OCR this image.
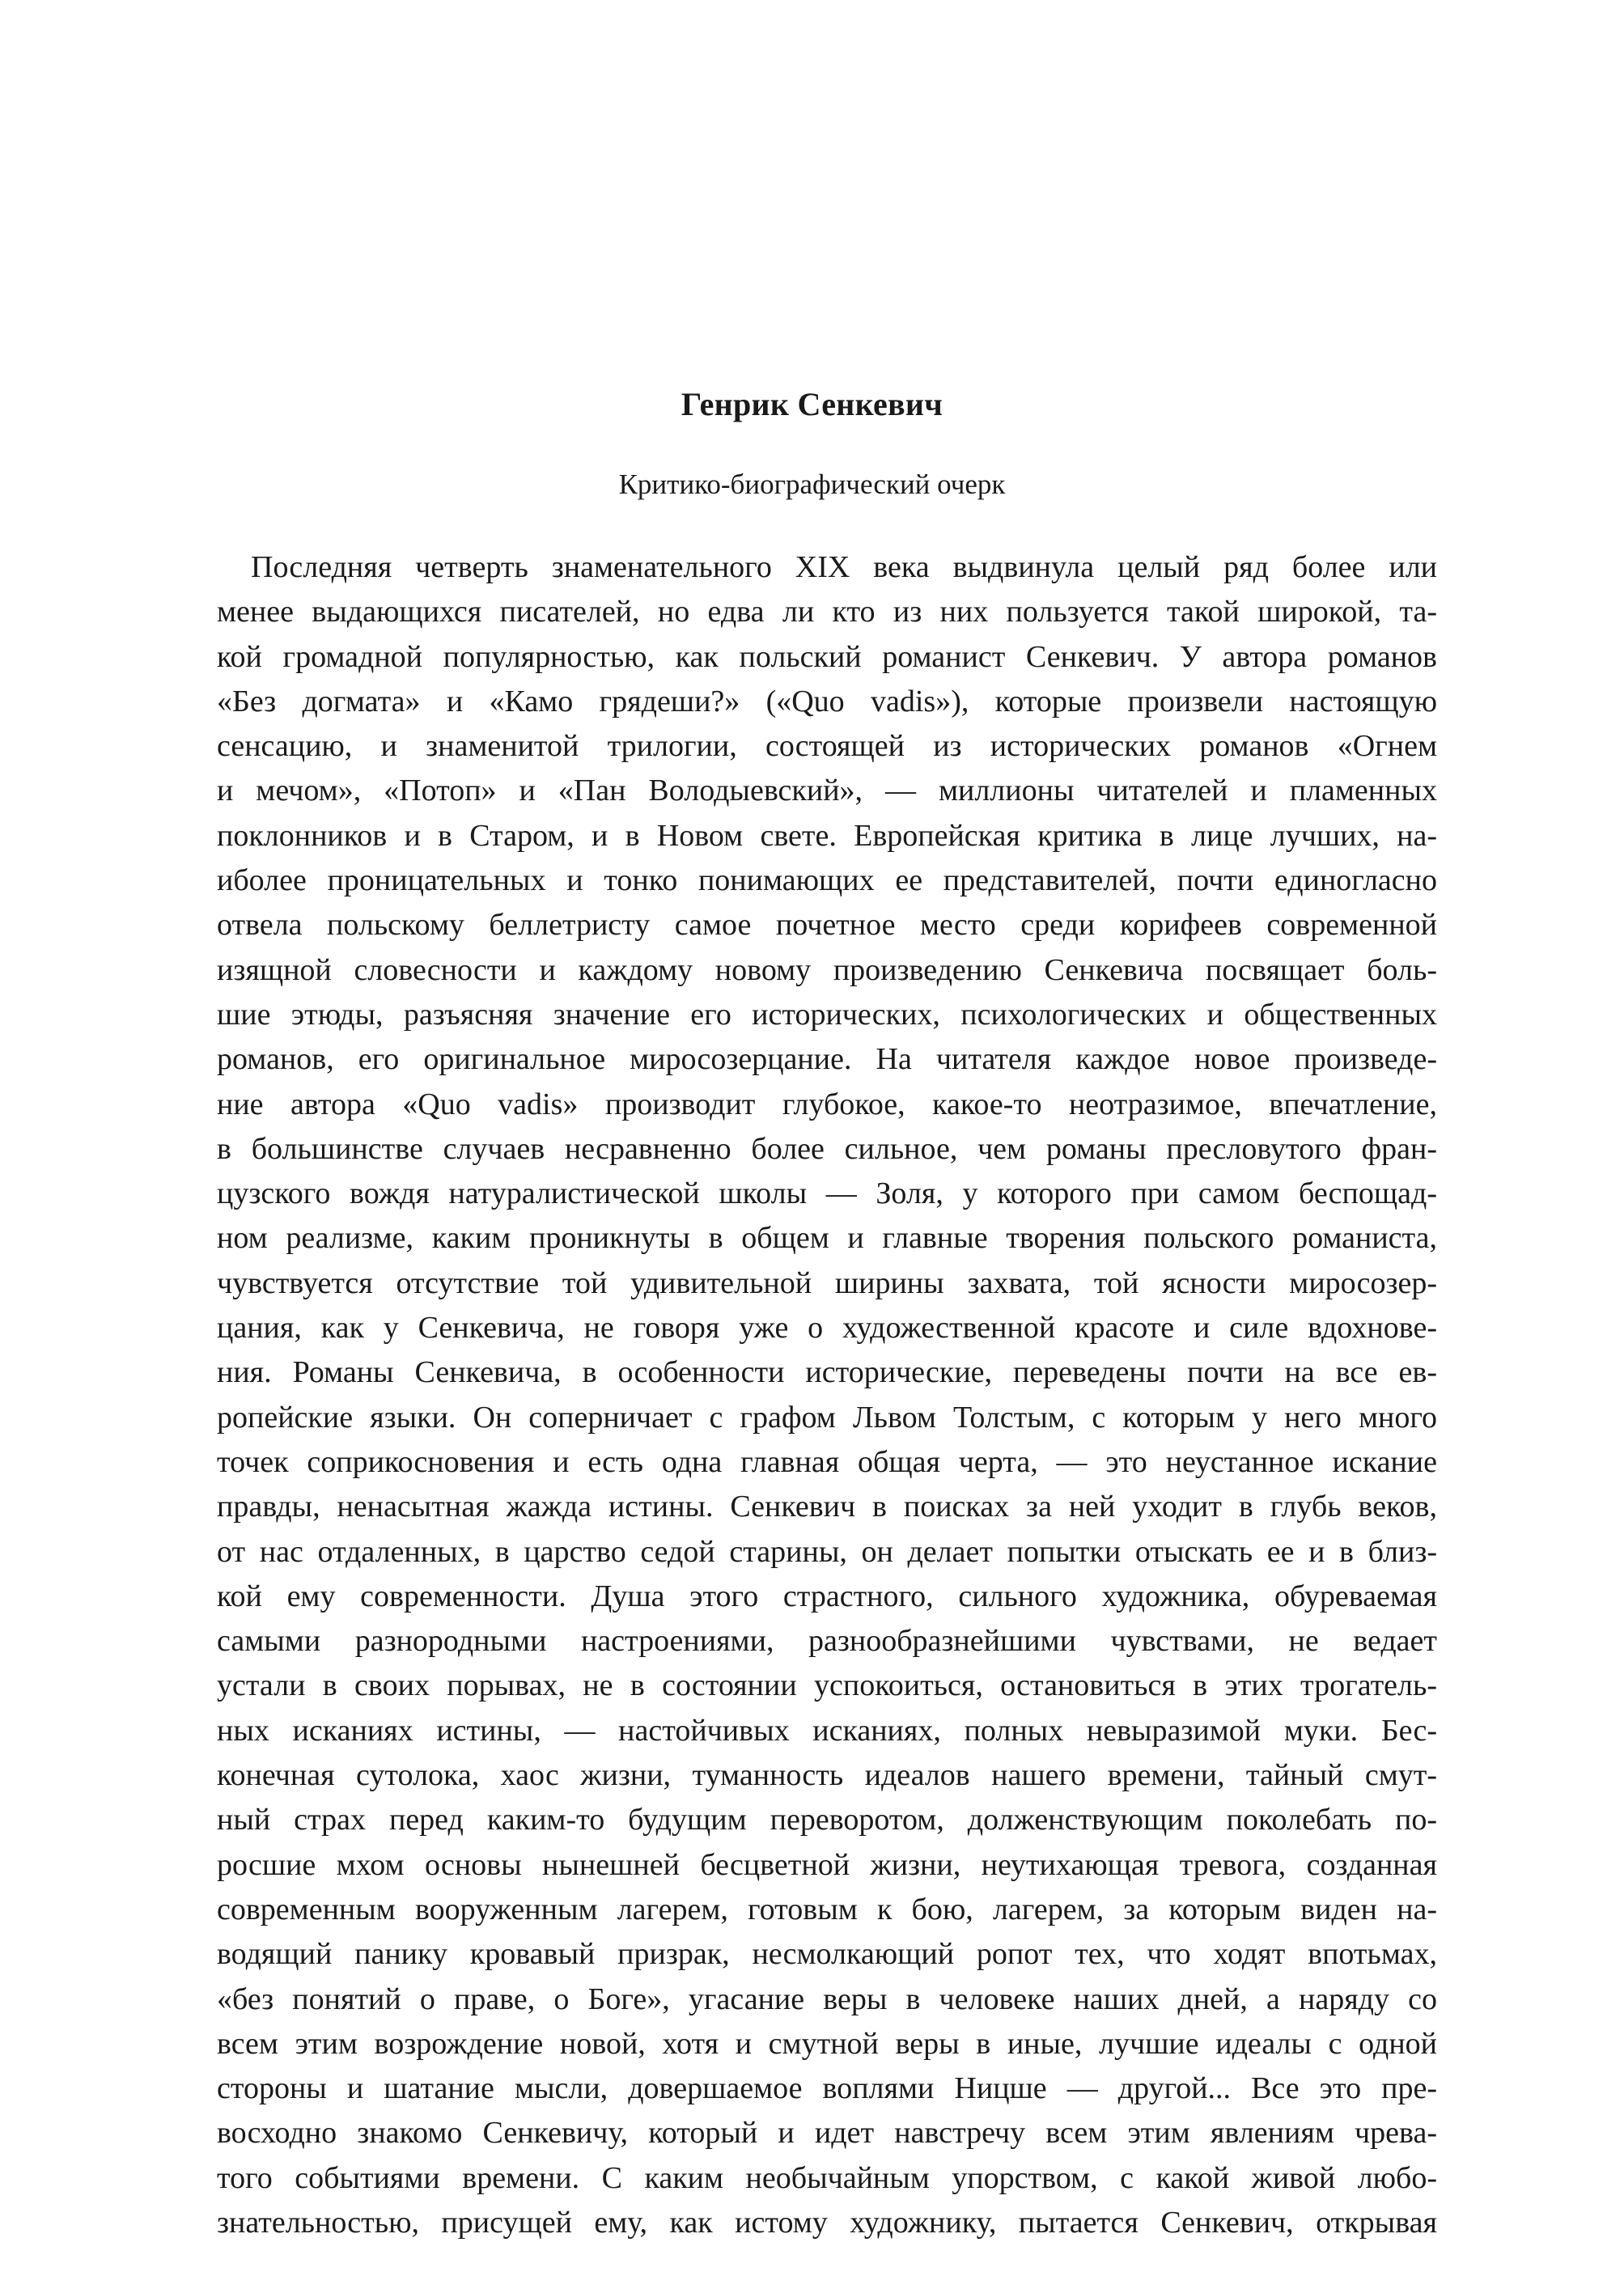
Генрик Сенкевич
Критико-биографический очерк
Последняя четверть знаменательного XIX века выдвинула целый ряд более или
менее выдающихся писателей, но едва ли кто из них пользуется такой широкой, та-
кой громадной популярностью, как польский романист Сенкевич. У автора романов
«Без догмата» и «Камо грядеши?» («Quo vadis»), которые произвели настоящую
сенсацию, и знаменитой трилогии, состоящей из исторических романов «Огнем
и мечом», «Потоп» и «Пан Володыевский», — миллионы читателей и пламенных
поклонников и в Старом, и в Новом свете. Европейская критика в лице лучших, на-
иболее проницательных и тонко понимающих ее представителей, почти единогласно
отвела польскому беллетристу самое почетное место среди корифеев современной
изящной словесности и каждому новому произведению Сенкевича посвящает боль-
шие этюды, разъясняя значение его исторических, психологических и общественных
романов, его оригинальное миросозерцание. На читателя каждое новое произведе-
ние автора «Quo vadis» производит глубокое, какое-то неотразимое, впечатление,
в большинстве случаев несравненно более сильное, чем романы пресловутого фран-
цузского вождя натуралистической школы — Золя, у которого при самом беспощад-
ном реализме, каким проникнуты в общем и главные творения польского романиста,
чувствуется отсутствие той удивительной ширины захвата, той ясности миросозер-
цания, как у Сенкевича, не говоря уже о художественной красоте и силе вдохнове-
ния. Романы Сенкевича, в особенности исторические, переведены почти на все ев-
ропейские языки. Он соперничает с графом Львом Толстым, с которым у него много
точек соприкосновения и есть одна главная общая черта, — это неустанное искание
правды, ненасытная жажда истины. Сенкевич в поисках за ней уходит в глубь веков,
от нас отдаленных, в царство седой старины, он делает попытки отыскать ее и в близ-
кой ему современности. Душа этого страстного, сильного художника, обуреваемая
самыми разнородными настроениями, разнообразнейшими чувствами, не ведает
устали в своих порывах, не в состоянии успокоиться, остановиться в этих трогатель-
ных исканиях истины, — настойчивых исканиях, полных невыразимой муки. Бес-
конечная сутолока, хаос жизни, туманность идеалов нашего времени, тайный смут-
ный страх перед каким-то будущим переворотом, долженствующим поколебать по-
росшие мхом основы нынешней бесцветной жизни, неутихающая тревога, созданная
современным вооруженным лагерем, готовым к бою, лагерем, за которым виден на-
водящий панику кровавый призрак, несмолкающий ропот тех, что ходят впотьмах,
«без понятий о праве, о Боге», угасание веры в человеке наших дней, а наряду со
всем этим возрождение новой, хотя и смутной веры в иные, лучшие идеалы с одной
стороны и шатание мысли, довершаемое воплями Ницше — другой... Все это пре-
восходно знакомо Сенкевичу, который и идет навстречу всем этим явлениям чрева-
того событиями времени. С каким необычайным упорством, с какой живой любо-
знательностью, присущей ему, как истому художнику, пытается Сенкевич, открывая
